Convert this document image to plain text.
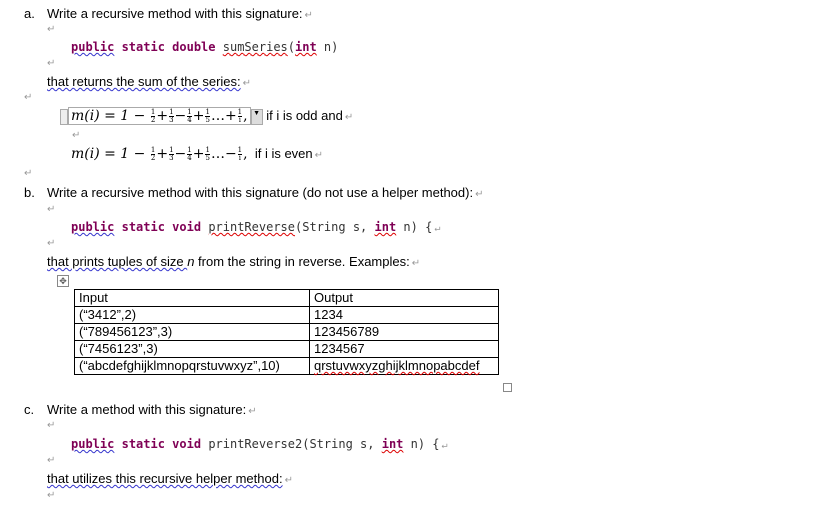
a. Write a recursive method with this signature: ↵
↵
public static double sumSeries(int n)
↵
that returns the sum of the series: ↵
↵
$m(i) = 1 - \frac{1}{2} + \frac{1}{3} - \frac{1}{4} + \frac{1}{5}$ …+ $\frac{1}{i}$ , ▼ if i is odd and ↵
↵
$m(i) = 1 - \frac{1}{2} + \frac{1}{3} - \frac{1}{4} + \frac{1}{5}$ …− $\frac{1}{i}$ , if i is even ↵
↵
b. Write a recursive method with this signature (do not use a helper method): ↵
↵
public static void printReverse(String s, int n) { ↵
↵
that prints tuples of size n from the string in reverse. Examples: ↵
✥
Input	Output
(“3412”,2)	1234
(“789456123”,3)	123456789
(“7456123”,3)	1234567
(“abcdefghijklmnopqrstuvwxyz”,10)	qrstuvwxyzghijklmnopabcdef
c. Write a method with this signature: ↵
↵
public static void printReverse2(String s, int n) { ↵
↵
that utilizes this recursive helper method: ↵
↵
